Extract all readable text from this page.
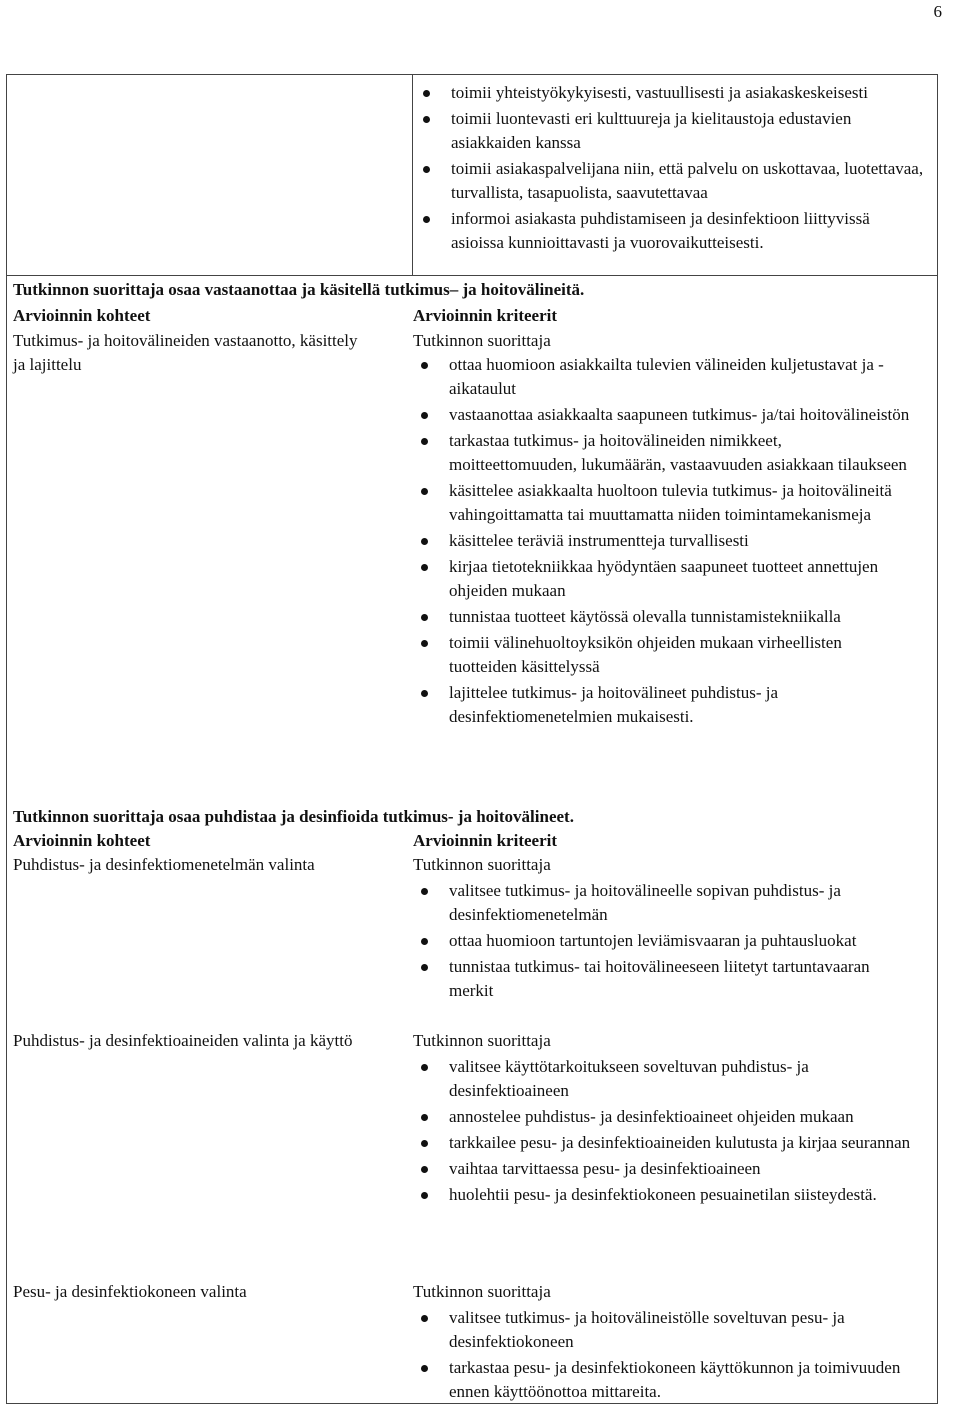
6
toimii yhteistyökykyisesti, vastuullisesti ja asiakaskeskeisesti
toimii luontevasti eri kulttuureja ja kielitaustoja edustavien asiakkaiden kanssa
toimii asiakaspalvelijana niin, että palvelu on uskottavaa, luotettavaa, turvallista, tasapuolista, saavutettavaa
informoi asiakasta puhdistamiseen ja desinfektioon liittyvissä asioissa kunnioittavasti ja vuorovaikutteisesti.
Tutkinnon suorittaja osaa vastaanottaa ja käsitellä tutkimus– ja hoitovälineitä.
Arvioinnin kohteet	Arvioinnin kriteerit
Tutkimus- ja hoitovälineiden vastaanotto, käsittely ja lajittelu
Tutkinnon suorittaja
ottaa huomioon asiakkailta tulevien välineiden kuljetustavat ja -aikataulut
vastaanottaa asiakkaalta saapuneen tutkimus- ja/tai hoitovälineistön
tarkastaa tutkimus- ja hoitovälineiden nimikkeet, moitteettomuuden, lukumäärän, vastaavuuden asiakkaan tilaukseen
käsittelee asiakkaalta huoltoon tulevia tutkimus- ja hoitovälineitä vahingoittamatta tai muuttamatta niiden toimintamekanismeja
käsittelee teräviä instrumentteja turvallisesti
kirjaa tietotekniikkaa hyödyntäen saapuneet tuotteet annettujen ohjeiden mukaan
tunnistaa tuotteet käytössä olevalla tunnistamistekniikalla
toimii välinehuoltoyksikön ohjeiden mukaan virheellisten tuotteiden käsittelyssä
lajittelee tutkimus- ja hoitovälineet puhdistus- ja desinfektiomenetelmien mukaisesti.
Tutkinnon suorittaja osaa puhdistaa ja desinfioida tutkimus- ja hoitovälineet.
Arvioinnin kohteet	Arvioinnin kriteerit
Puhdistus- ja desinfektiomenetelmän valinta	Tutkinnon suorittaja
valitsee tutkimus- ja hoitovälineelle sopivan puhdistus- ja desinfektiomenetelmän
ottaa huomioon tartuntojen leviämisvaaran ja puhtausluokat
tunnistaa tutkimus- tai hoitovälineeseen liitetyt tartuntavaaran merkit
Puhdistus- ja desinfektioaineiden valinta ja käyttö	Tutkinnon suorittaja
valitsee käyttötarkoitukseen soveltuvan puhdistus- ja desinfektioaineen
annostelee puhdistus- ja desinfektioaineet ohjeiden mukaan
tarkkailee pesu- ja desinfektioaineiden kulutusta ja kirjaa seurannan
vaihtaa tarvittaessa pesu- ja desinfektioaineen
huolehtii pesu- ja desinfektiokoneen pesuainetilan siisteydestä.
Pesu- ja desinfektiokoneen valinta	Tutkinnon suorittaja
valitsee tutkimus- ja hoitovälineistölle soveltuvan pesu- ja desinfektiokoneen
tarkastaa pesu- ja desinfektiokoneen käyttökunnon ja toimivuuden ennen käyttöönottoa mittareita.
